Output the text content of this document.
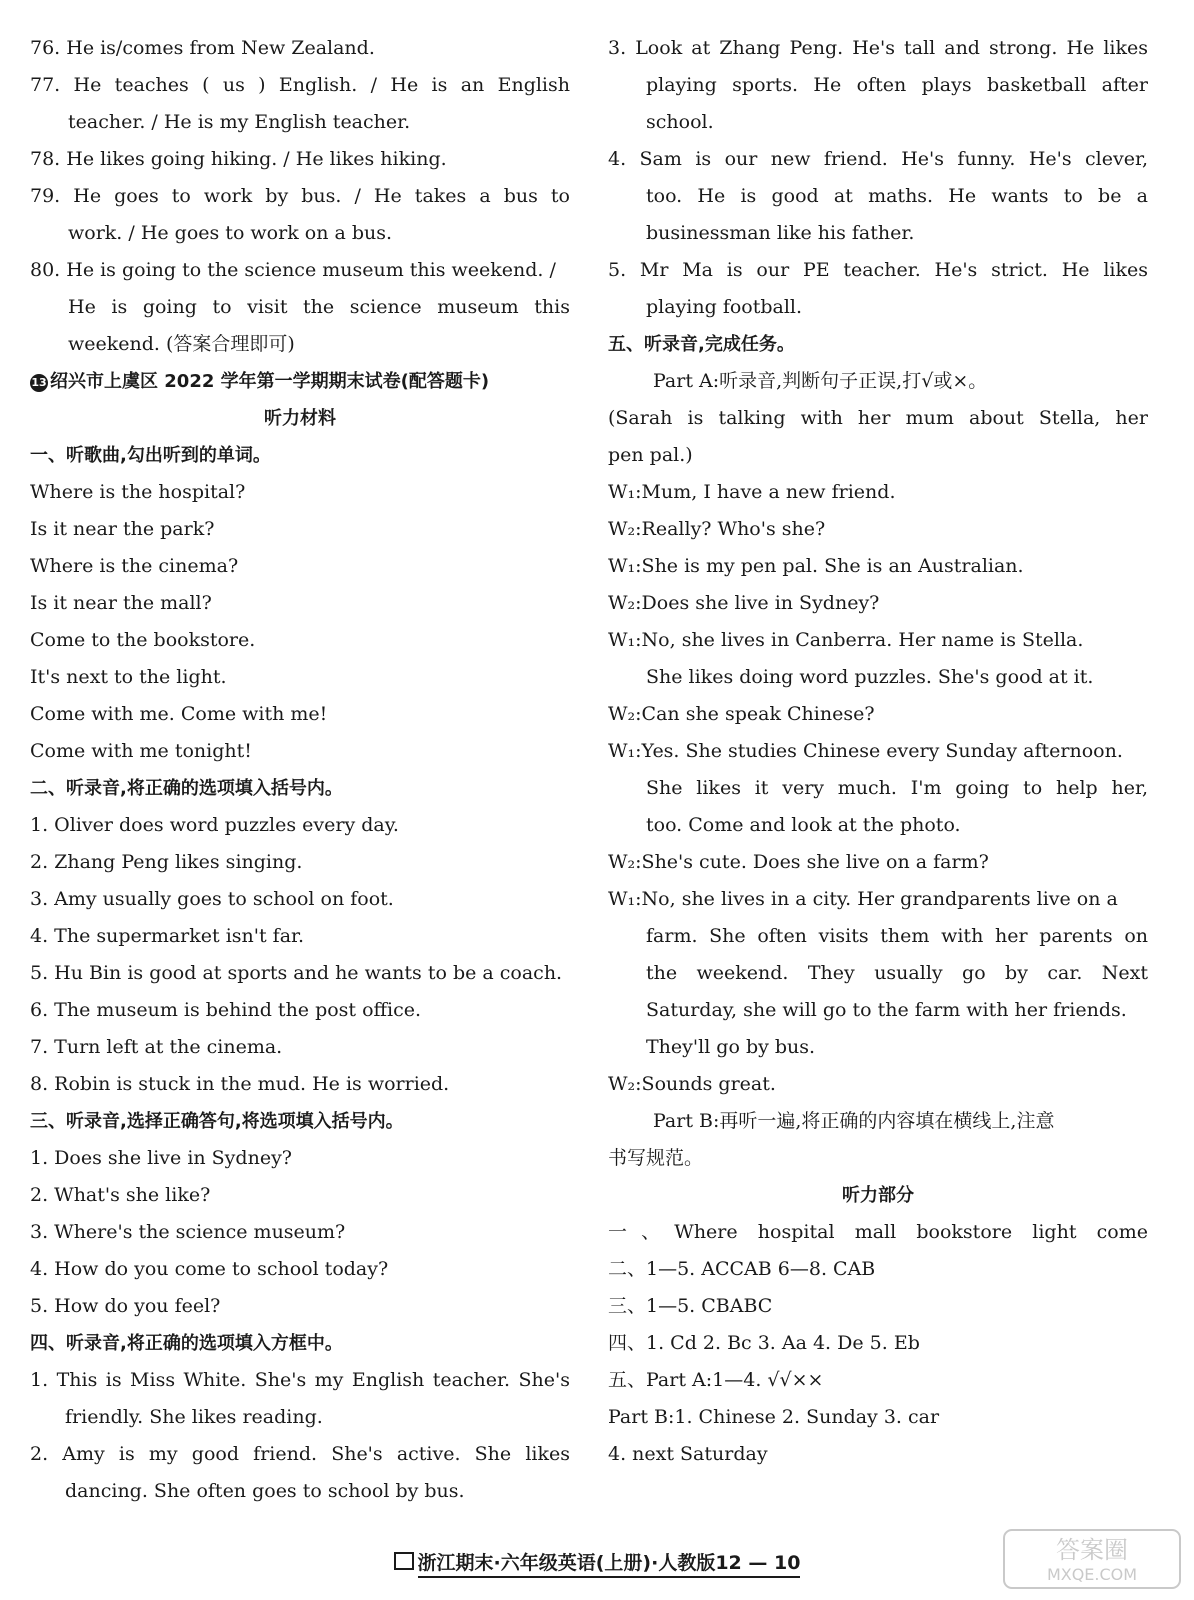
76. He is/comes from New Zealand.
77. He teaches ( us ) English. / He is an English
teacher. / He is my English teacher.
78. He likes going hiking. / He likes hiking.
79. He goes to work by bus. / He takes a bus to
work. / He goes to work on a bus.
80. He is going to the science museum this weekend. /
He is going to visit the science museum this
weekend. (答案合理即可)
13 绍兴市上虞区 2022 学年第一学期期末试卷(配答题卡)
听力材料
一、听歌曲,勾出听到的单词。
Where is the hospital?
Is it near the park?
Where is the cinema?
Is it near the mall?
Come to the bookstore.
It's next to the light.
Come with me. Come with me!
Come with me tonight!
二、听录音,将正确的选项填入括号内。
1. Oliver does word puzzles every day.
2. Zhang Peng likes singing.
3. Amy usually goes to school on foot.
4. The supermarket isn't far.
5. Hu Bin is good at sports and he wants to be a coach.
6. The museum is behind the post office.
7. Turn left at the cinema.
8. Robin is stuck in the mud. He is worried.
三、听录音,选择正确答句,将选项填入括号内。
1. Does she live in Sydney?
2. What's she like?
3. Where's the science museum?
4. How do you come to school today?
5. How do you feel?
四、听录音,将正确的选项填入方框中。
1. This is Miss White. She's my English teacher. She's
friendly. She likes reading.
2. Amy is my good friend. She's active. She likes
dancing. She often goes to school by bus.
3. Look at Zhang Peng. He's tall and strong. He likes
playing sports. He often plays basketball after
school.
4. Sam is our new friend. He's funny. He's clever,
too. He is good at maths. He wants to be a
businessman like his father.
5. Mr Ma is our PE teacher. He's strict. He likes
playing football.
五、听录音,完成任务。
Part A:听录音,判断句子正误,打√或×。
(Sarah is talking with her mum about Stella, her
pen pal.)
W₁:Mum, I have a new friend.
W₂:Really? Who's she?
W₁:She is my pen pal. She is an Australian.
W₂:Does she live in Sydney?
W₁:No, she lives in Canberra. Her name is Stella.
She likes doing word puzzles. She's good at it.
W₂:Can she speak Chinese?
W₁:Yes. She studies Chinese every Sunday afternoon.
She likes it very much. I'm going to help her,
too. Come and look at the photo.
W₂:She's cute. Does she live on a farm?
W₁:No, she lives in a city. Her grandparents live on a
farm. She often visits them with her parents on
the weekend. They usually go by car. Next
Saturday, she will go to the farm with her friends.
They'll go by bus.
W₂:Sounds great.
Part B:再听一遍,将正确的内容填在横线上,注意
书写规范。
听力部分
一、Where hospital mall bookstore light come
二、1—5. ACCAB 6—8. CAB
三、1—5. CBABC
四、1. Cd 2. Bc 3. Aa 4. De 5. Eb
五、Part A:1—4. √√××
Part B:1. Chinese 2. Sunday 3. car
4. next Saturday
浙江期末·六年级英语(上册)·人教版12 — 10	答案圈
MXQE.COM
